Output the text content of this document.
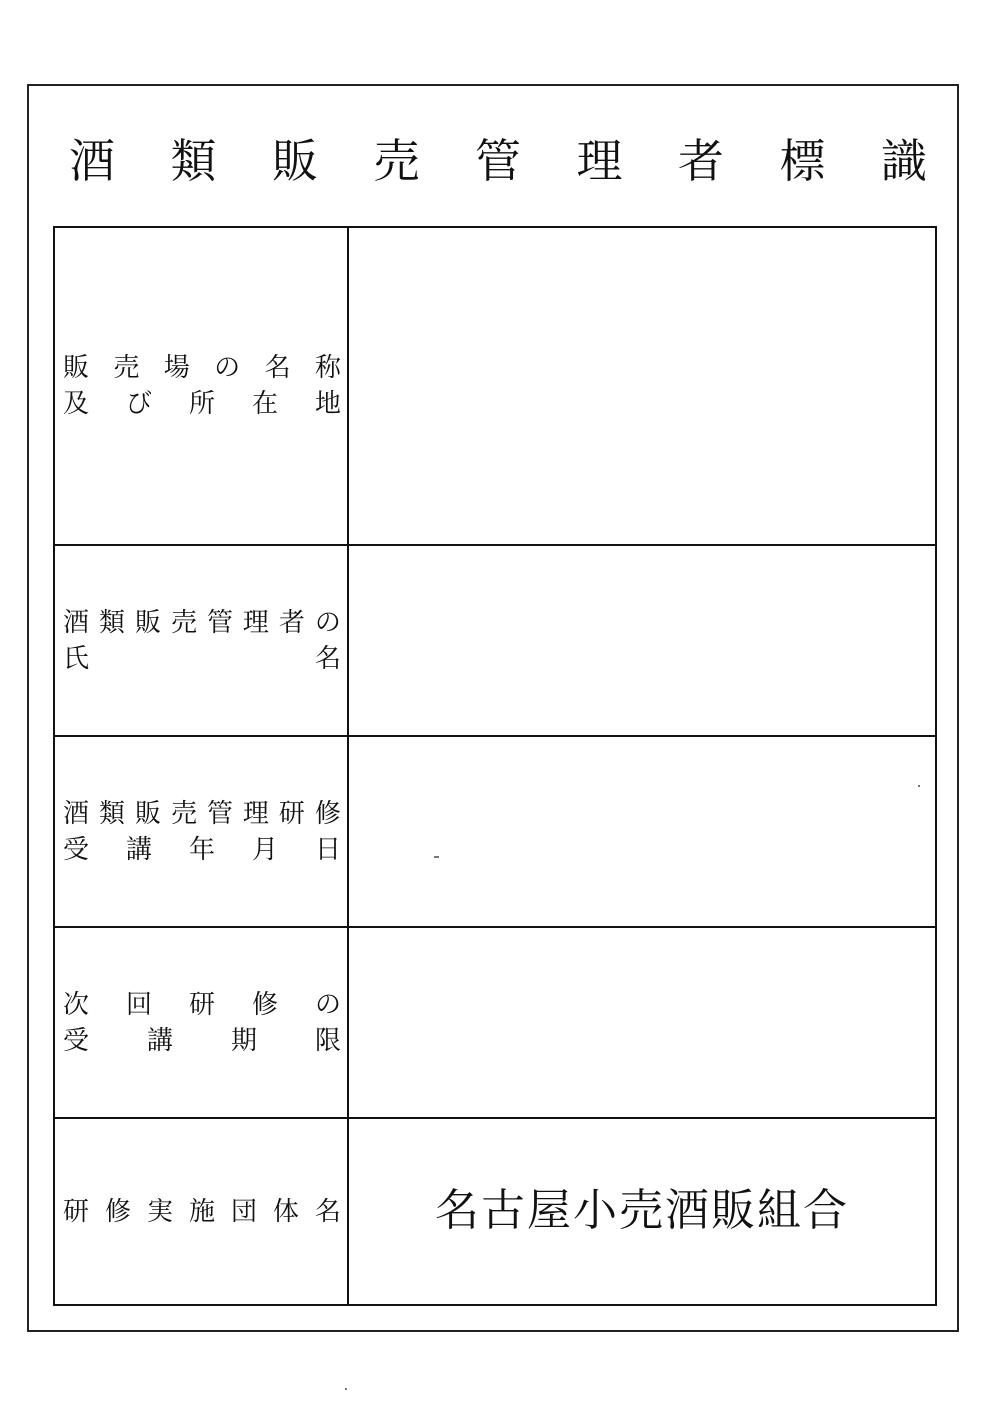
酒 類 販 売 管 理 者 標 識
販 売 場 の 名 称
及 び 所 在 地
酒 類 販 売 管 理 者 の
氏	名
酒 類 販 売 管 理 研 修
受 講 年 月 日
次 回 研 修 の
受 講 期 限
研 修 実 施 団 体 名 名古屋小売酒販組合
